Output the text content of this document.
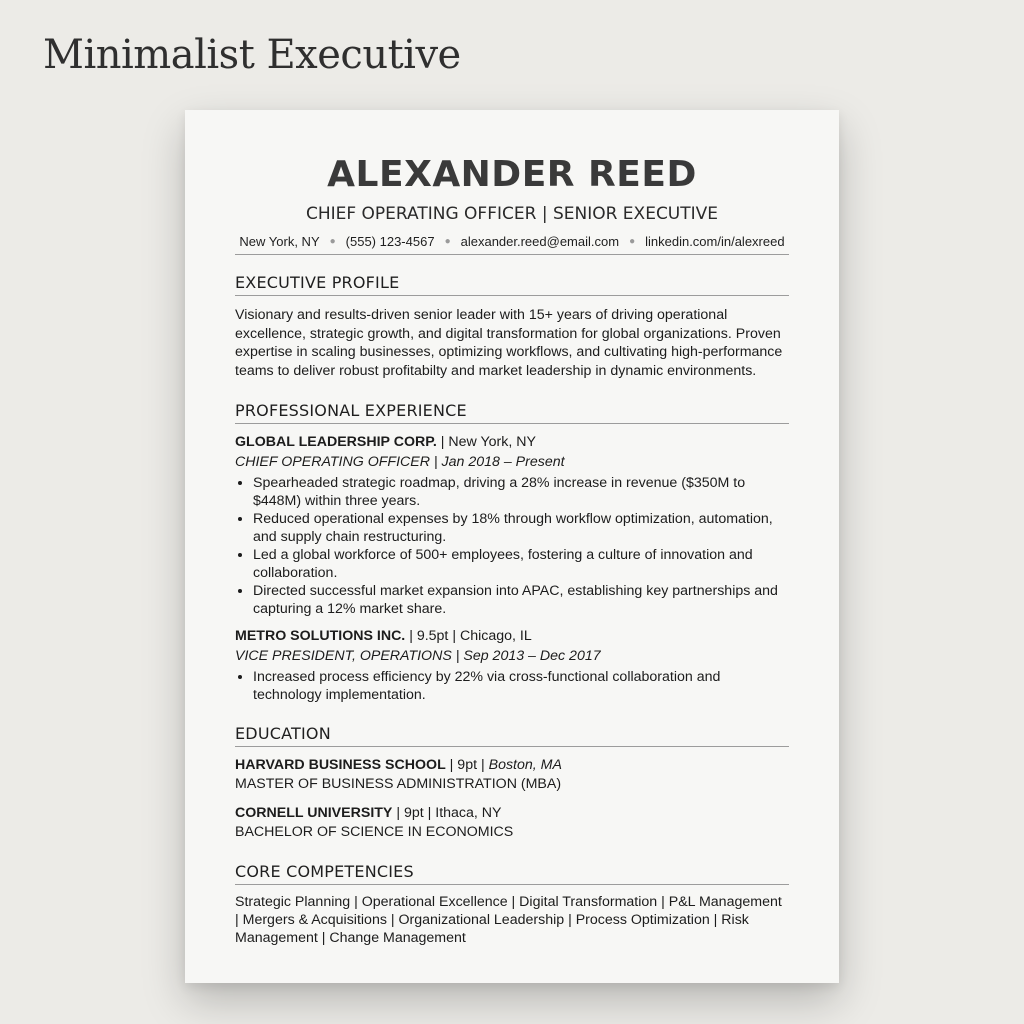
Minimalist Executive
ALEXANDER REED
CHIEF OPERATING OFFICER | SENIOR EXECUTIVE
New York, NY ● (555) 123-4567 ● alexander.reed@email.com ● linkedin.com/in/alexreed
EXECUTIVE PROFILE
Visionary and results-driven senior leader with 15+ years of driving operational excellence, strategic growth, and digital transformation for global organizations. Proven expertise in scaling businesses, optimizing workflows, and cultivating high-performance teams to deliver robust profitabilty and market leadership in dynamic environments.
PROFESSIONAL EXPERIENCE
GLOBAL LEADERSHIP CORP. | New York, NY
CHIEF OPERATING OFFICER | Jan 2018 – Present
• Spearheaded strategic roadmap, driving a 28% increase in revenue ($350M to $448M) within three years.
• Reduced operational expenses by 18% through workflow optimization, automation, and supply chain restructuring.
• Led a global workforce of 500+ employees, fostering a culture of innovation and collaboration.
• Directed successful market expansion into APAC, establishing key partnerships and capturing a 12% market share.
METRO SOLUTIONS INC. | 9.5pt | Chicago, IL
VICE PRESIDENT, OPERATIONS | Sep 2013 – Dec 2017
• Increased process efficiency by 22% via cross-functional collaboration and technology implementation.
EDUCATION
HARVARD BUSINESS SCHOOL | 9pt | Boston, MA
MASTER OF BUSINESS ADMINISTRATION (MBA)
CORNELL UNIVERSITY | 9pt | Ithaca, NY
BACHELOR OF SCIENCE IN ECONOMICS
CORE COMPETENCIES
Strategic Planning | Operational Excellence | Digital Transformation | P&L Management | Mergers & Acquisitions | Organizational Leadership | Process Optimization | Risk Management | Change Management
